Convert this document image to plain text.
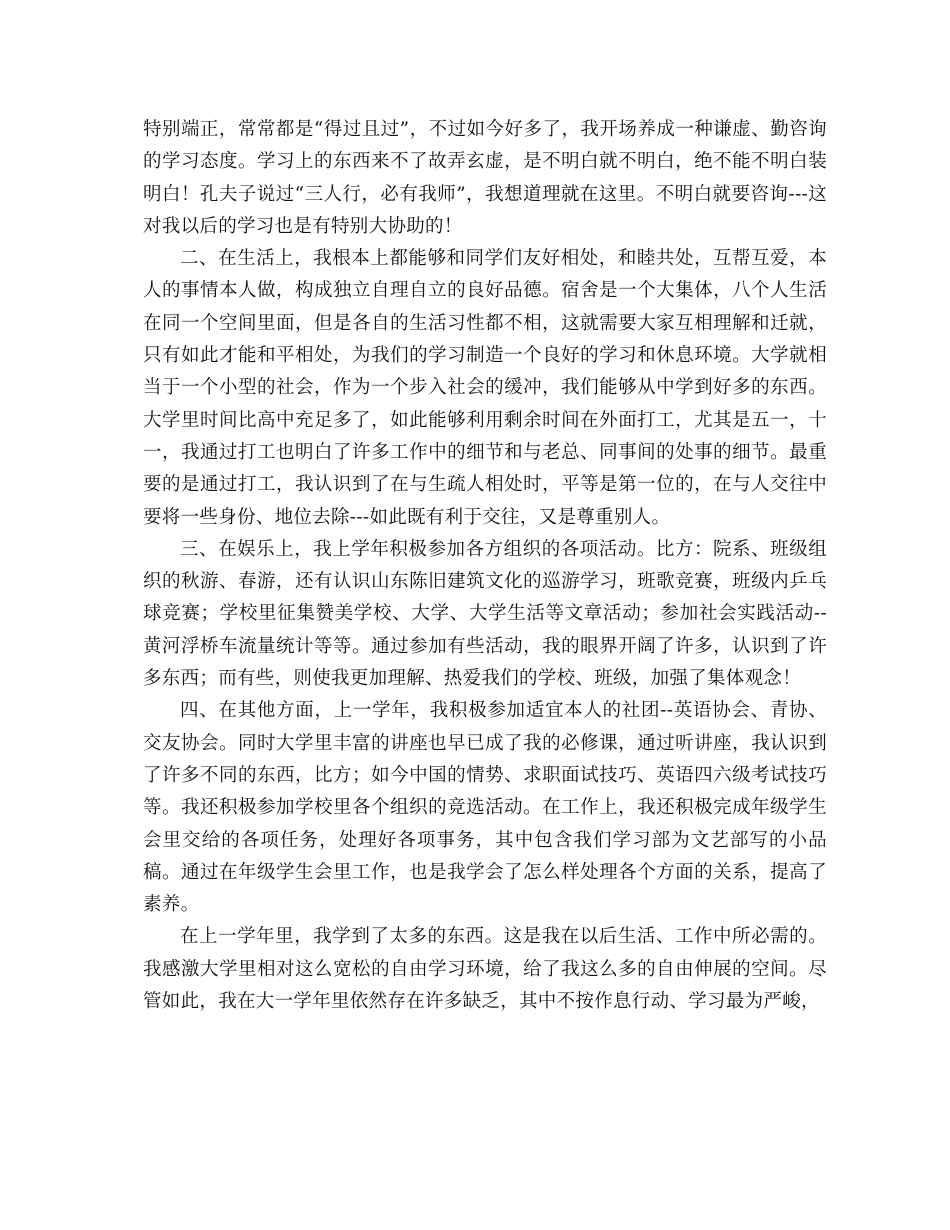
特别端正，常常都是“得过且过”，不过如今好多了，我开场养成一种谦虚、勤咨询的学习态度。学习上的东西来不了故弄玄虚，是不明白就不明白，绝不能不明白装明白！孔夫子说过“三人行，必有我师”，我想道理就在这里。不明白就要咨询---这对我以后的学习也是有特别大协助的！

二、在生活上，我根本上都能够和同学们友好相处，和睦共处，互帮互爱，本人的事情本人做，构成独立自理自立的良好品德。宿舍是一个大集体，八个人生活在同一个空间里面，但是各自的生活习性都不相，这就需要大家互相理解和迁就，只有如此才能和平相处，为我们的学习制造一个良好的学习和休息环境。大学就相当于一个小型的社会，作为一个步入社会的缓冲，我们能够从中学到好多的东西。大学里时间比高中充足多了，如此能够利用剩余时间在外面打工，尤其是五一，十一，我通过打工也明白了许多工作中的细节和与老总、同事间的处事的细节。最重要的是通过打工，我认识到了在与生疏人相处时，平等是第一位的，在与人交往中要将一些身份、地位去除---如此既有利于交往，又是尊重别人。

三、在娱乐上，我上学年积极参加各方组织的各项活动。比方：院系、班级组织的秋游、春游，还有认识山东陈旧建筑文化的巡游学习，班歌竞赛，班级内乒乓球竞赛；学校里征集赞美学校、大学、大学生活等文章活动；参加社会实践活动--黄河浮桥车流量统计等等。通过参加有些活动，我的眼界开阔了许多，认识到了许多东西；而有些，则使我更加理解、热爱我们的学校、班级，加强了集体观念！

四、在其他方面，上一学年，我积极参加适宜本人的社团--英语协会、青协、交友协会。同时大学里丰富的讲座也早已成了我的必修课，通过听讲座，我认识到了许多不同的东西，比方；如今中国的情势、求职面试技巧、英语四六级考试技巧等。我还积极参加学校里各个组织的竞选活动。在工作上，我还积极完成年级学生会里交给的各项任务，处理好各项事务，其中包含我们学习部为文艺部写的小品稿。通过在年级学生会里工作，也是我学会了怎么样处理各个方面的关系，提高了素养。

在上一学年里，我学到了太多的东西。这是我在以后生活、工作中所必需的。我感激大学里相对这么宽松的自由学习环境，给了我这么多的自由伸展的空间。尽管如此，我在大一学年里依然存在许多缺乏，其中不按作息行动、学习最为严峻，
